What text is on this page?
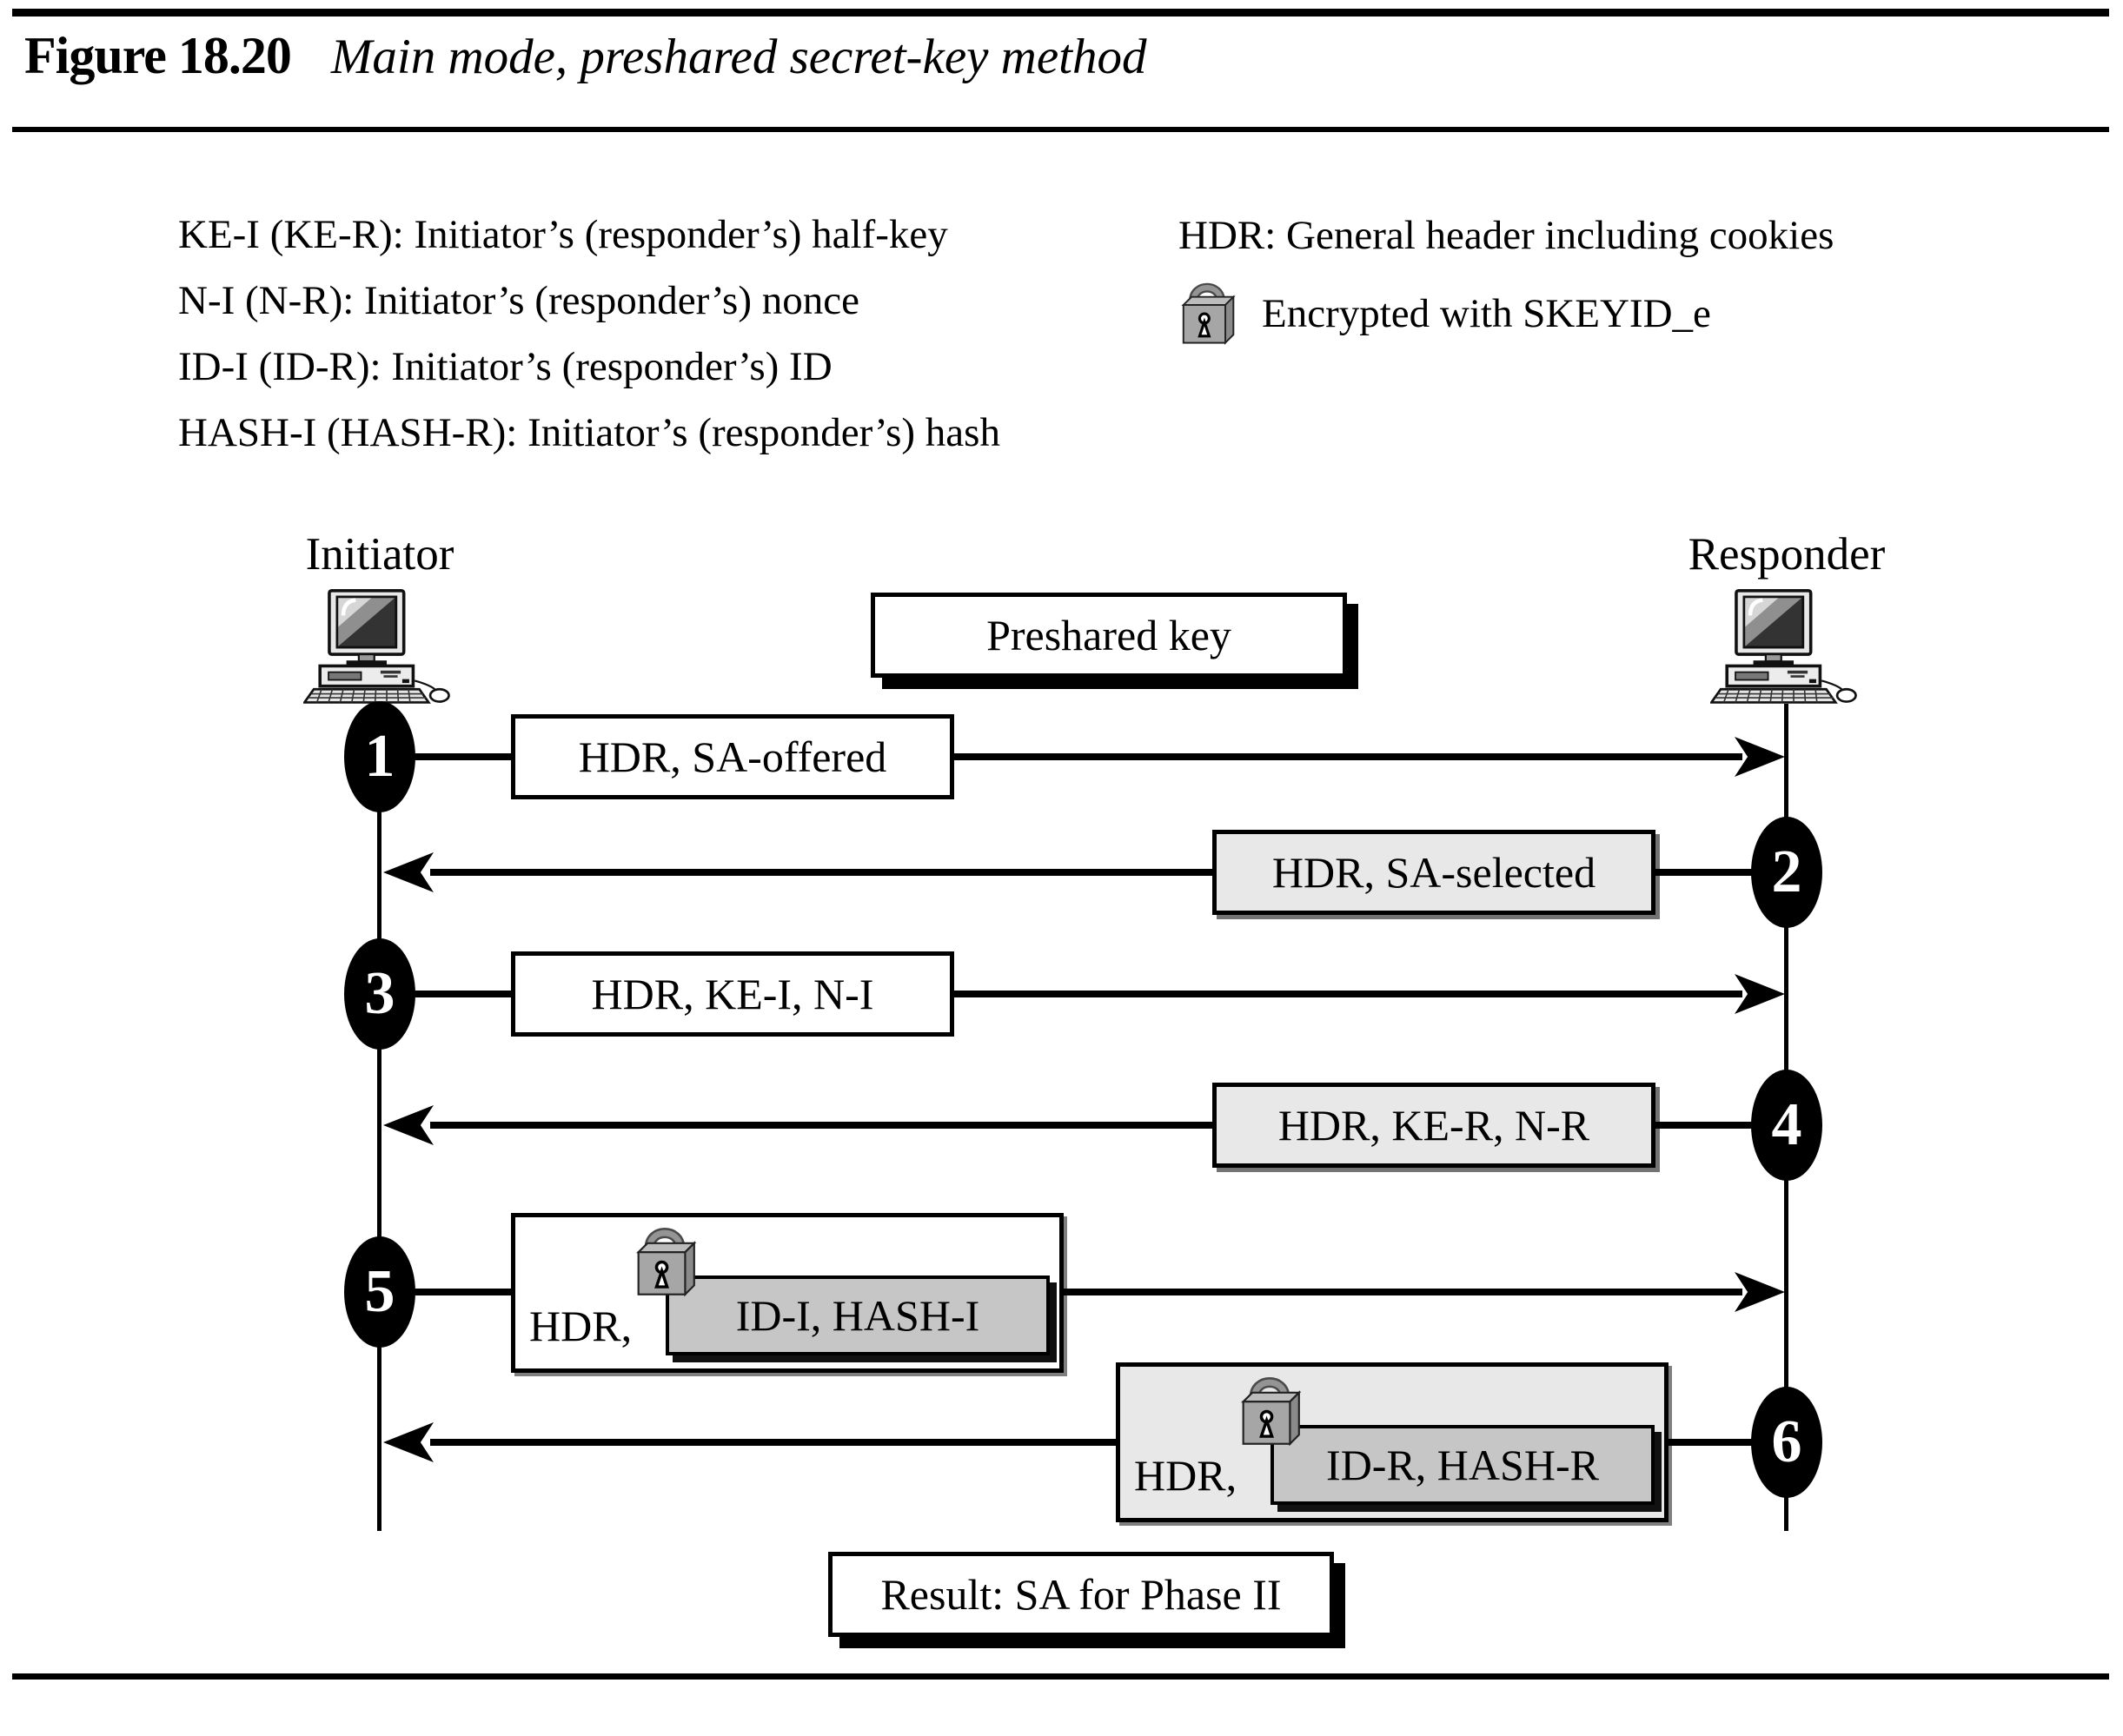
Figure 18.20 Main mode, preshared secret-key method
KE-I (KE-R): Initiator’s (responder’s) half-key
N-I (N-R): Initiator’s (responder’s) nonce
ID-I (ID-R): Initiator’s (responder’s) ID
HASH-I (HASH-R): Initiator’s (responder’s) hash
HDR: General header including cookies
Encrypted with SKEYID_e
Initiator	Responder
Preshared key
1	HDR, SA-offered
2
HDR, SA-selected
3	HDR, KE-I, N-I
4
HDR, KE-R, N-R
5
HDR, ID-I, HASH-I
6
HDR, ID-R, HASH-R
Result: SA for Phase II
